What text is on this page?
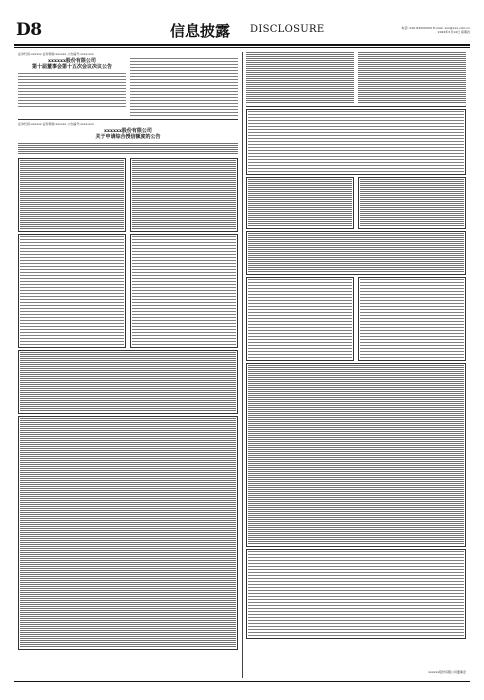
D8	信息披露 DISCLOSURE	电话: 010-6322XXXX E-mail: xxx@xxx.com.cn
2024年3月14日 星期四
证券代码:xxxxxx 证券简称:xxxxxx 公告编号:xxxx-xxx
xxxxxx股份有限公司
第十届董事会第十五次会议决议公告
证券代码:xxxxxx 证券简称:xxxxxx 公告编号:xxxx-xxx
xxxxxx股份有限公司
关于申请综合授信额度的公告
xxxxxx股份有限公司董事会
